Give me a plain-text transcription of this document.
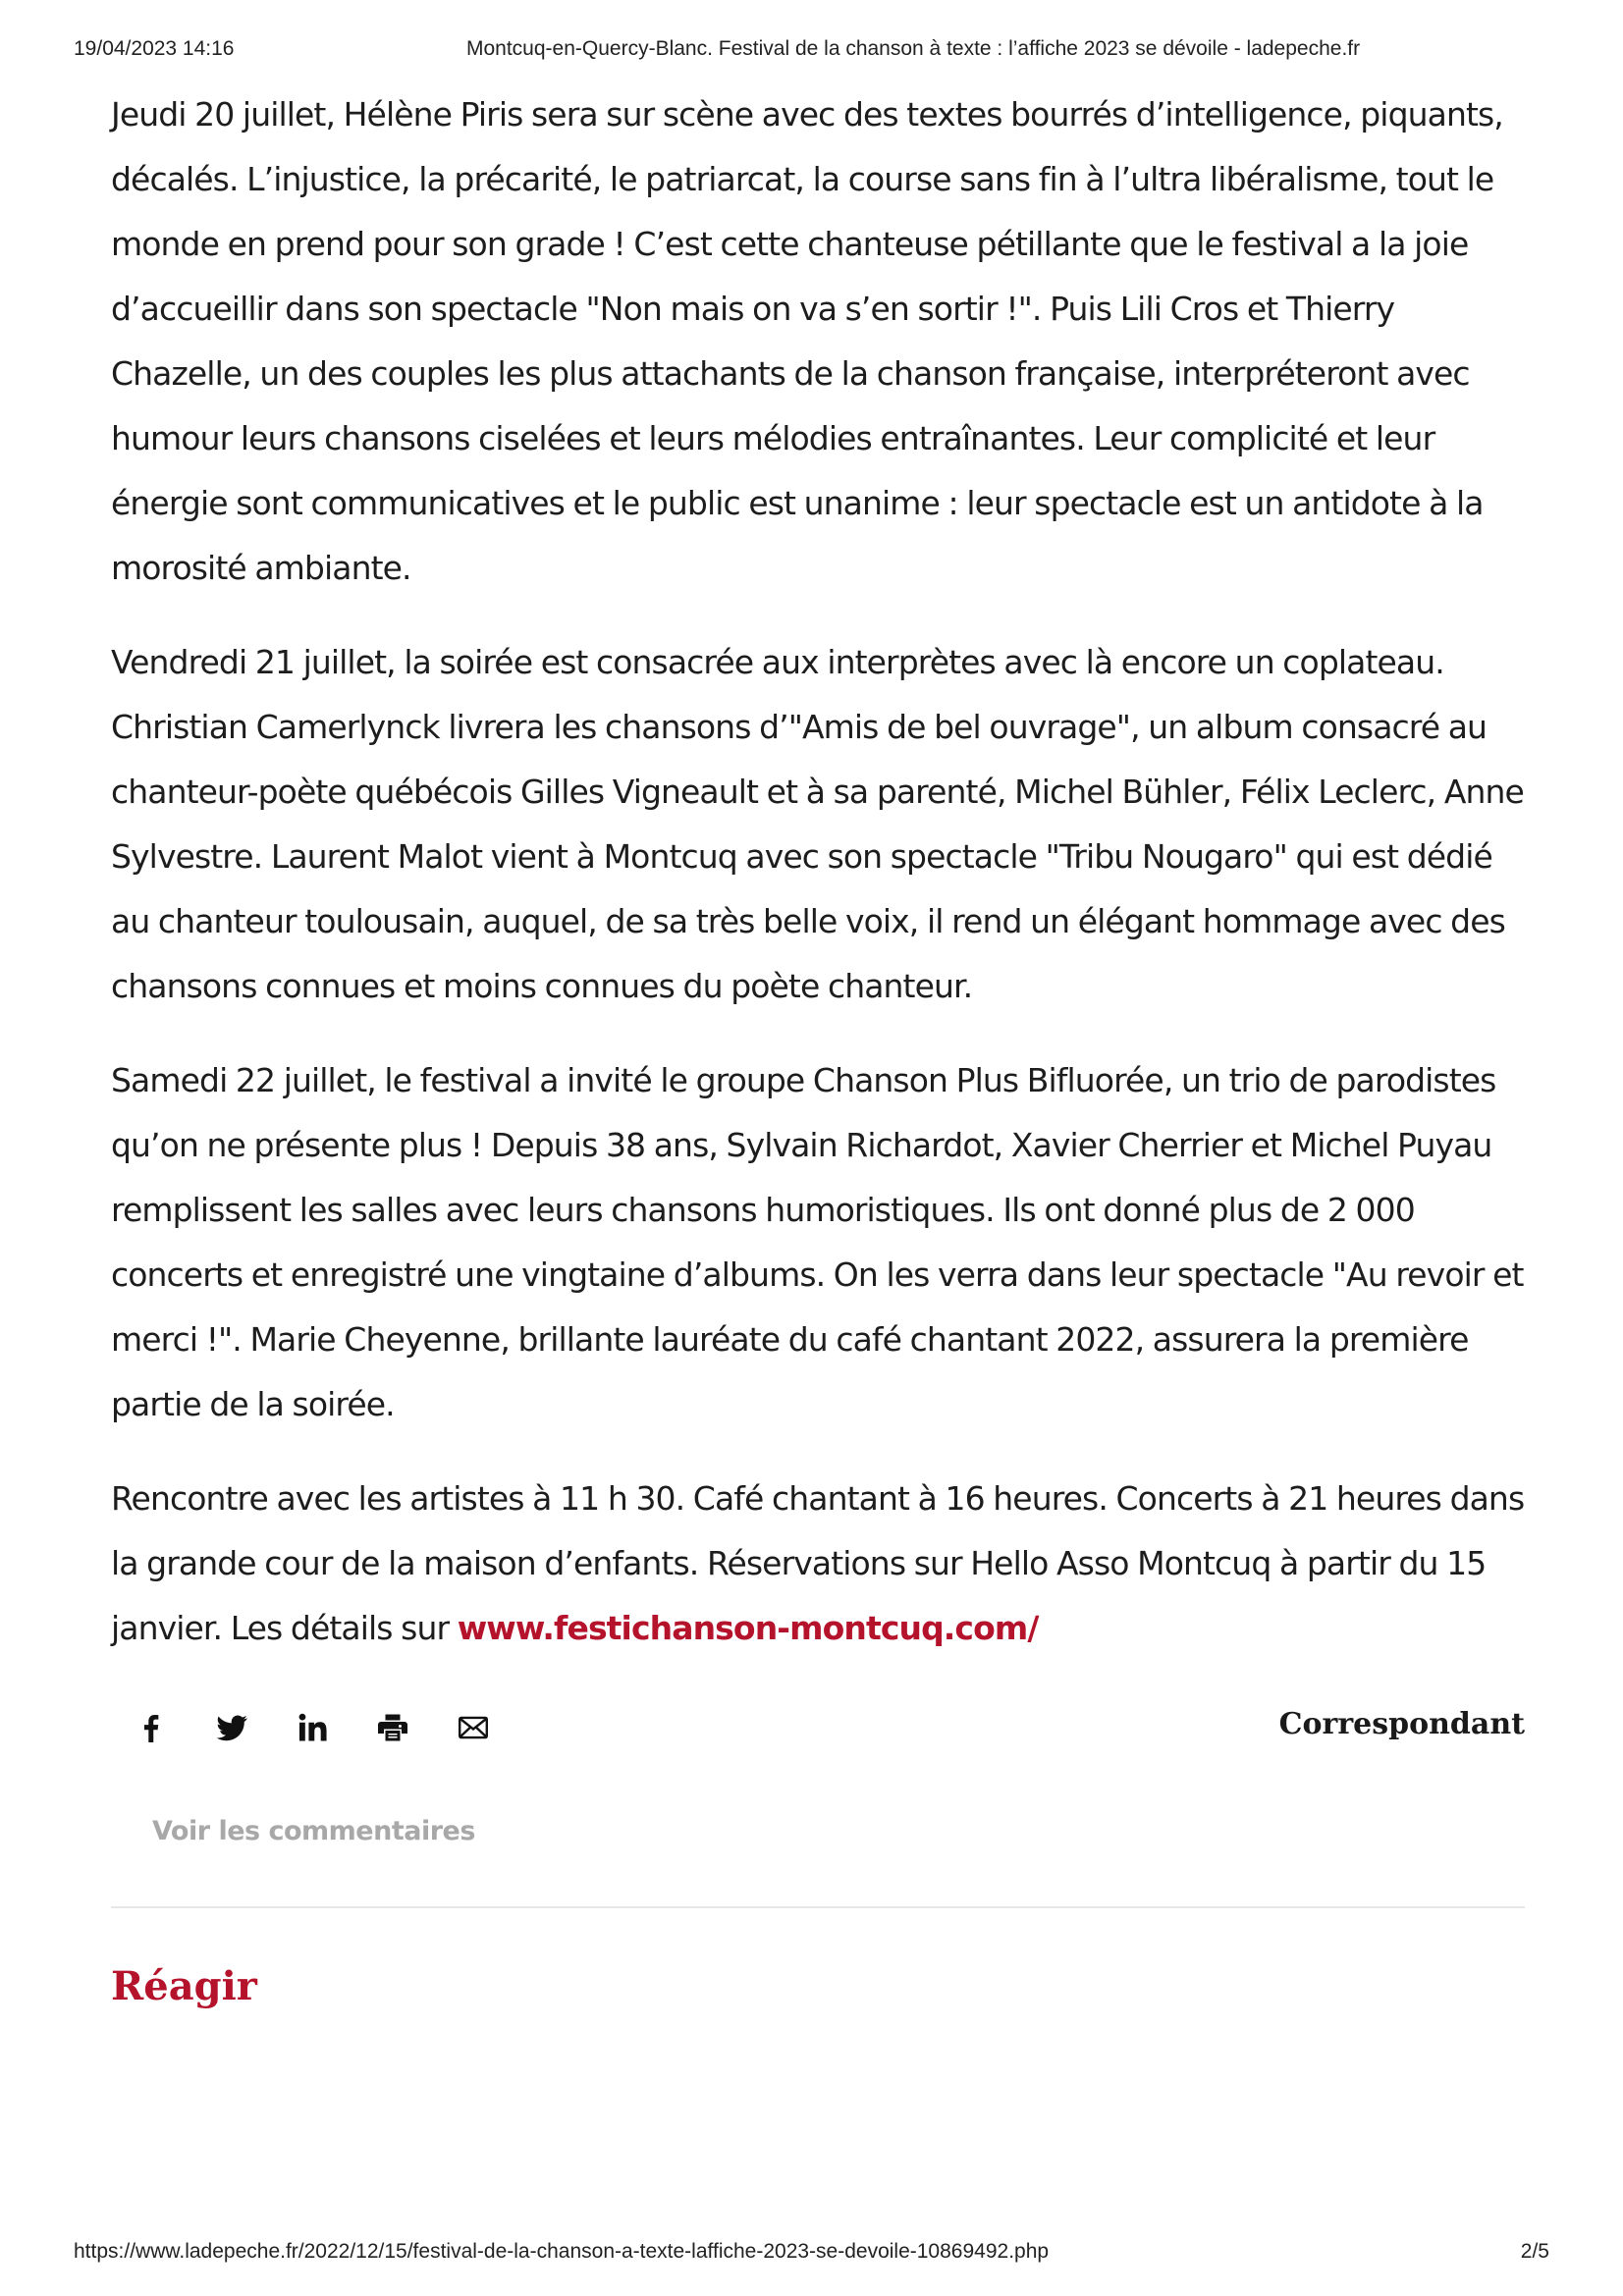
19/04/2023 14:16	Montcuq-en-Quercy-Blanc. Festival de la chanson à texte : l’affiche 2023 se dévoile - ladepeche.fr

Jeudi 20 juillet, Hélène Piris sera sur scène avec des textes bourrés d’intelligence, piquants, décalés. L’injustice, la précarité, le patriarcat, la course sans fin à l’ultra libéralisme, tout le monde en prend pour son grade ! C’est cette chanteuse pétillante que le festival a la joie d’accueillir dans son spectacle "Non mais on va s’en sortir !". Puis Lili Cros et Thierry Chazelle, un des couples les plus attachants de la chanson française, interpréteront avec humour leurs chansons ciselées et leurs mélodies entraînantes. Leur complicité et leur énergie sont communicatives et le public est unanime : leur spectacle est un antidote à la morosité ambiante.

Vendredi 21 juillet, la soirée est consacrée aux interprètes avec là encore un coplateau. Christian Camerlynck livrera les chansons d’"Amis de bel ouvrage", un album consacré au chanteur-poète québécois Gilles Vigneault et à sa parenté, Michel Bühler, Félix Leclerc, Anne Sylvestre. Laurent Malot vient à Montcuq avec son spectacle "Tribu Nougaro" qui est dédié au chanteur toulousain, auquel, de sa très belle voix, il rend un élégant hommage avec des chansons connues et moins connues du poète chanteur.

Samedi 22 juillet, le festival a invité le groupe Chanson Plus Bifluorée, un trio de parodistes qu’on ne présente plus ! Depuis 38 ans, Sylvain Richardot, Xavier Cherrier et Michel Puyau remplissent les salles avec leurs chansons humoristiques. Ils ont donné plus de 2 000 concerts et enregistré une vingtaine d’albums. On les verra dans leur spectacle "Au revoir et merci !". Marie Cheyenne, brillante lauréate du café chantant 2022, assurera la première partie de la soirée.

Rencontre avec les artistes à 11 h 30. Café chantant à 16 heures. Concerts à 21 heures dans la grande cour de la maison d’enfants. Réservations sur Hello Asso Montcuq à partir du 15 janvier. Les détails sur www.festichanson-montcuq.com/

Correspondant
Voir les commentaires
Réagir
https://www.ladepeche.fr/2022/12/15/festival-de-la-chanson-a-texte-laffiche-2023-se-devoile-10869492.php	2/5
